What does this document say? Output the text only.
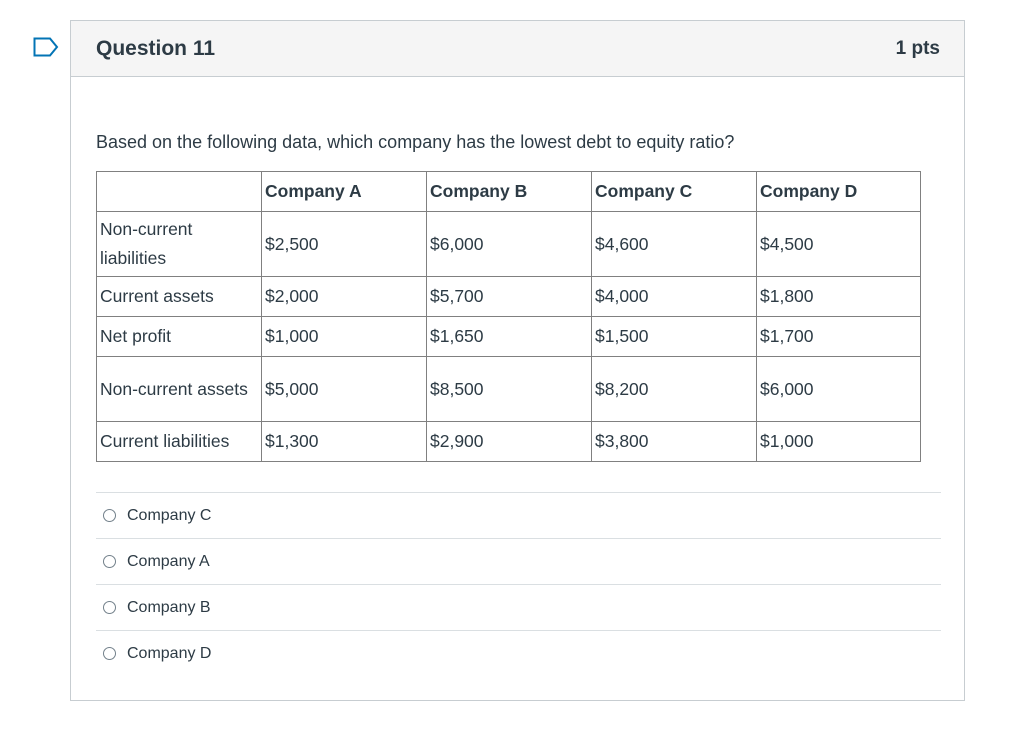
Question 11	1 pts
Based on the following data, which company has the lowest debt to equity ratio?
	Company A	Company B	Company C	Company D
Non-current liabilities	$2,500	$6,000	$4,600	$4,500
Current assets	$2,000	$5,700	$4,000	$1,800
Net profit	$1,000	$1,650	$1,500	$1,700
Non-current assets	$5,000	$8,500	$8,200	$6,000
Current liabilities	$1,300	$2,900	$3,800	$1,000
Company C
Company A
Company B
Company D
